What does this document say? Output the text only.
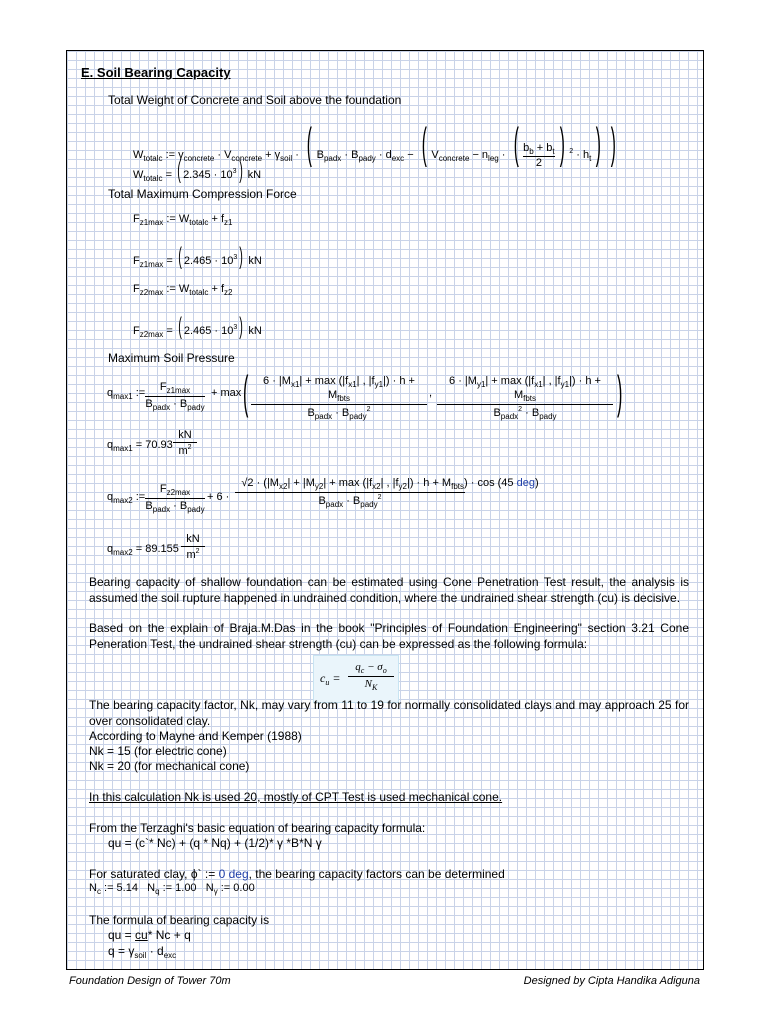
E. Soil Bearing Capacity
Total Weight of Concrete and Soil above the foundation
$W_{totalc}$ := $\gamma_{concrete} \cdot V_{concrete} + \gamma_{soil}$ · ( $B_{padx} \cdot B_{pady} \cdot d_{exc}$ − ( $V_{concrete} - n_{leg}$ · ( $\frac{b_b + b_t}{2}$ ) $^2 \cdot h_t$ ) )
$W_{totalc}$ = ( $2.345 \cdot 10^3$) kN
Total Maximum Compression Force
$F_{z1max}$ := $W_{totalc} + f_{z1}$
$F_{z1max}$ = ( $2.465 \cdot 10^3$) kN
$F_{z2max}$ := $W_{totalc} + f_{z2}$
$F_{z2max}$ = ( $2.465 \cdot 10^3$) kN
Maximum Soil Pressure
$q_{max1}$ :=	$F_{z1max}$
$B_{padx} \cdot B_{pady}$
+ max (	$6 \cdot |M_{x1}| + \max (|f_{x1}|$ , $|f_{y1}|) \cdot h + M_{fbts}$
$B_{padx} \cdot B_{pady}^2$
,
$6 \cdot |M_{y1}| + \max (|f_{x1}|$ , $|f_{y1}|) \cdot h + M_{fbts}$
$B_{padx}^2 \cdot B_{pady}$	)
$q_{max1} = 70.93$
kN
$m^2$
$q_{max2}$ :=
$F_{z2max}$
$B_{padx} \cdot B_{pady}$
+ 6 ·
$√2 \cdot (|M_{x2}| + |M_{y2}| + \max (|f_{x2}|$ , $|f_{y2}|) \cdot h + M_{fbts}) \cdot \cos (45$ deg)
$B_{padx} \cdot B_{pady}^2$
$q_{max2} = 89.155$
kN
$m^2$
Bearing capacity of shallow foundation can be estimated using Cone Penetration Test result, the analysis is assumed the soil rupture happened in undrained condition, where the undrained shear strength (cu) is decisive.
Based on the explain of Braja.M.Das in the book "Principles of Foundation Engineering" section 3.21 Cone Peneration Test, the undrained shear strength (cu) can be expressed as the following formula:
$c_u$ =
$q_c - \sigma_o$
$N_K$
The bearing capacity factor, Nk, may vary from 11 to 19 for normally consolidated clays and may approach 25 for over consolidated clay.
According to Mayne and Kemper (1988)
Nk = 15 (for electric cone)
Nk = 20 (for mechanical cone)
In this calculation Nk is used 20, mostly of CPT Test is used mechanical cone.
From the Terzaghi's basic equation of bearing capacity formula:
qu = (c`* Nc) + (q * Nq) + (1/2)* γ *B*N γ
For saturated clay, ϕ` := 0 deg, the bearing capacity factors can be determined
$N_c$ := 5.14   $N_q$ := 1.00   $N_\gamma$ := 0.00
The formula of bearing capacity is
qu = cu* Nc + q
$q = \gamma_{soil} \cdot d_{exc}$
Foundation Design of Tower 70m	Designed by Cipta Handika Adiguna
